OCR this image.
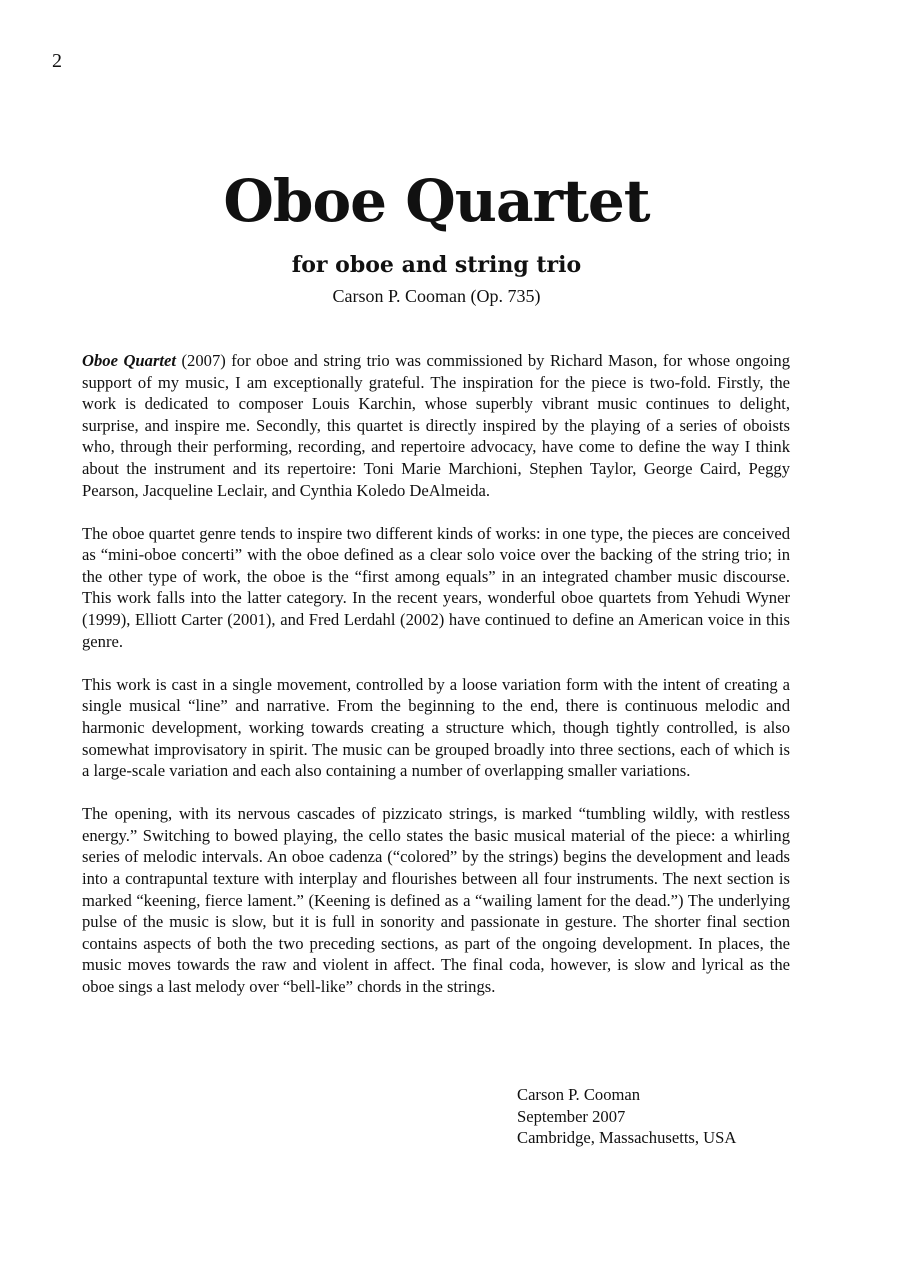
2
Oboe Quartet
for oboe and string trio
Carson P. Cooman (Op. 735)

Oboe Quartet (2007) for oboe and string trio was commissioned by Richard Mason, for whose ongoing support of my music, I am exceptionally grateful. The inspiration for the piece is two-fold. Firstly, the work is dedicated to composer Louis Karchin, whose superbly vibrant music continues to delight, surprise, and inspire me. Secondly, this quartet is directly inspired by the playing of a series of oboists who, through their performing, recording, and repertoire advocacy, have come to define the way I think about the instrument and its repertoire: Toni Marie Marchioni, Stephen Taylor, George Caird, Peggy Pearson, Jacqueline Leclair, and Cynthia Koledo DeAlmeida.

The oboe quartet genre tends to inspire two different kinds of works: in one type, the pieces are conceived as “mini-oboe concerti” with the oboe defined as a clear solo voice over the backing of the string trio; in the other type of work, the oboe is the “first among equals” in an integrated chamber music discourse. This work falls into the latter category. In the recent years, wonderful oboe quartets from Yehudi Wyner (1999), Elliott Carter (2001), and Fred Lerdahl (2002) have continued to define an American voice in this genre.

This work is cast in a single movement, controlled by a loose variation form with the intent of creating a single musical “line” and narrative. From the beginning to the end, there is continuous melodic and harmonic development, working towards creating a structure which, though tightly controlled, is also somewhat improvisatory in spirit. The music can be grouped broadly into three sections, each of which is a large-scale variation and each also containing a number of overlapping smaller variations.

The opening, with its nervous cascades of pizzicato strings, is marked “tumbling wildly, with restless energy.” Switching to bowed playing, the cello states the basic musical material of the piece: a whirling series of melodic intervals. An oboe cadenza (“colored” by the strings) begins the development and leads into a contrapuntal texture with interplay and flourishes between all four instruments. The next section is marked “keening, fierce lament.” (Keening is defined as a “wailing lament for the dead.”) The underlying pulse of the music is slow, but it is full in sonority and passionate in gesture. The shorter final section contains aspects of both the two preceding sections, as part of the ongoing development. In places, the music moves towards the raw and violent in affect. The final coda, however, is slow and lyrical as the oboe sings a last melody over “bell-like” chords in the strings.

Carson P. Cooman
September 2007
Cambridge, Massachusetts, USA
